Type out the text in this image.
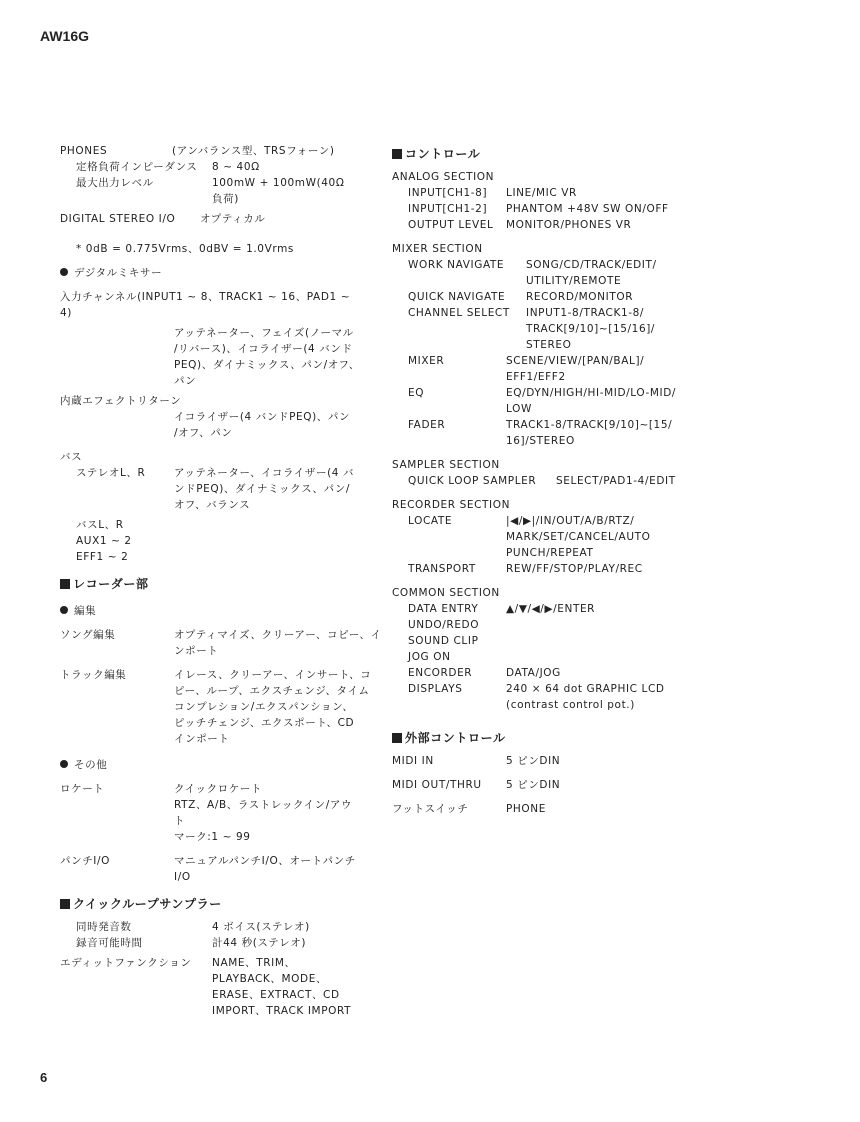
AW16G
PHONES	(アンバランス型、TRSフォーン)
定格負荷インピーダンス 8 ~ 40Ω
最大出力レベル	100mW + 100mW(40Ω
負荷)
DIGITAL STEREO I/O オプティカル
* 0dB = 0.775Vrms、0dBV = 1.0Vrms
デジタルミキサー
入力チャンネル(INPUT1 ~ 8、TRACK1 ~ 16、PAD1 ~
4)
アッテネーター、フェイズ(ノーマル
/リバース)、イコライザー(4 バンド
PEQ)、ダイナミックス、パン/オフ、
パン
内蔵エフェクトリターン
イコライザー(4 バンドPEQ)、パン
/オフ、パン
バス
ステレオL、R	アッテネーター、イコライザー(4 バ
ンドPEQ)、ダイナミックス、パン/
オフ、バランス
バスL、R
AUX1 ~ 2
EFF1 ~ 2
レコーダー部
編集
ソング編集	オプティマイズ、クリーアー、コピー、イ
ンポート
トラック編集	イレース、クリーアー、インサート、コ
ピー、ループ、エクスチェンジ、タイム
コンプレション/エクスパンション、
ピッチチェンジ、エクスポート、CD
インポート
その他
ロケート	クイックロケート
RTZ、A/B、ラストレックイン/アウ
ト
マーク:1 ~ 99
パンチI/O	マニュアルパンチI/O、オートパンチ
I/O
クイックループサンプラー
同時発音数	4 ボイス(ステレオ)
録音可能時間	計44 秒(ステレオ)
エディットファンクション NAME、TRIM、
PLAYBACK、MODE、
ERASE、EXTRACT、CD
IMPORT、TRACK IMPORT
コントロール
ANALOG SECTION
INPUT[CH1-8] LINE/MIC VR
INPUT[CH1-2] PHANTOM +48V SW ON/OFF
OUTPUT LEVEL MONITOR/PHONES VR
MIXER SECTION
WORK NAVIGATE SONG/CD/TRACK/EDIT/
UTILITY/REMOTE
QUICK NAVIGATE RECORD/MONITOR
CHANNEL SELECT INPUT1-8/TRACK1-8/
TRACK[9/10]~[15/16]/
STEREO
MIXER	SCENE/VIEW/[PAN/BAL]/
EFF1/EFF2
EQ	EQ/DYN/HIGH/HI-MID/LO-MID/
LOW
FADER	TRACK1-8/TRACK[9/10]~[15/
16]/STEREO
SAMPLER SECTION
QUICK LOOP SAMPLER SELECT/PAD1-4/EDIT
RECORDER SECTION
LOCATE	|◀/▶|/IN/OUT/A/B/RTZ/
MARK/SET/CANCEL/AUTO
PUNCH/REPEAT
TRANSPORT	REW/FF/STOP/PLAY/REC
COMMON SECTION
DATA ENTRY	▲/▼/◀/▶/ENTER
UNDO/REDO
SOUND CLIP
JOG ON
ENCORDER	DATA/JOG
DISPLAYS	240 × 64 dot GRAPHIC LCD
(contrast control pot.)
外部コントロール
MIDI IN	5 ピンDIN
MIDI OUT/THRU 5 ピンDIN
フットスイッチ	PHONE
6
